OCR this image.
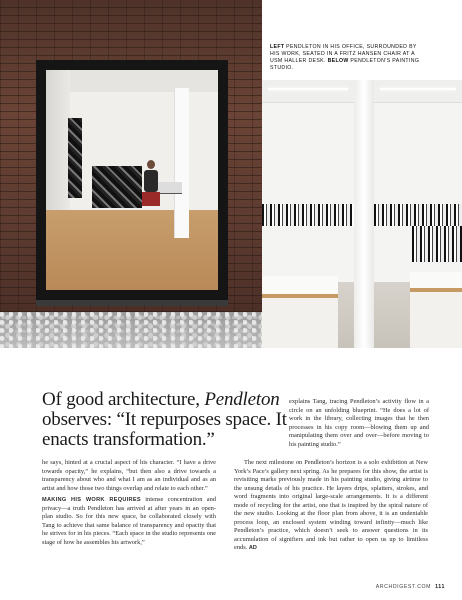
LEFT PENDLETON IN HIS OFFICE, SURROUNDED BY HIS WORK, SEATED IN A FRITZ HANSEN CHAIR AT A USM HALLER DESK. BELOW PENDLETON’S PAINTING STUDIO.
Of good architecture, Pendleton observes: “It repurposes space. It enacts transformation.”

explains Tang, tracing Pendleton’s activity flow in a circle on an unfolding blueprint. “He does a lot of work in the library, collecting images that he then processes in his copy room—blowing them up and manipulating them over and over—before moving to his painting studio.”

he says, hinted at a crucial aspect of his character. “I have a drive towards opacity,” he explains, “but then also a drive towards a transparency about who and what I am as an individual and as an artist and how those two things overlap and relate to each other.”

MAKING HIS WORK REQUIRES intense concentration and privacy—a truth Pendleton has arrived at after years in an open-plan studio. So for this new space, he collaborated closely with Tang to achieve that same balance of transparency and opacity that he strives for in his pieces. “Each space in the studio represents one stage of how he assembles his artwork,”

The next milestone on Pendleton’s horizon is a solo exhibition at New York’s Pace’s gallery next spring. As he prepares for this show, the artist is revisiting marks previously made in his painting studio, giving airtime to the unsung details of his practice. He layers drips, splatters, strokes, and word fragments into original large-scale arrangements. It is a different mode of recycling for the artist, one that is inspired by the spiral nature of the new studio. Looking at the floor plan from above, it is an undeniable process loop, an enclosed system winding toward infinity—much like Pendleton’s practice, which doesn’t seek to answer questions in its accumulation of signifiers and ink but rather to open us up to limitless ends. AD

ARCHDIGEST.COM 111
